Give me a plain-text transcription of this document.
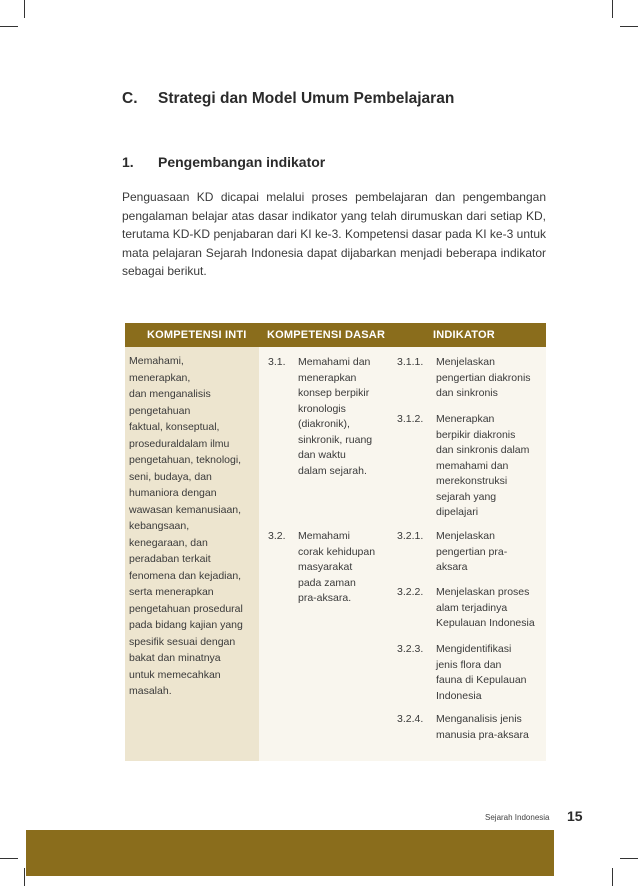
C. Strategi dan Model Umum Pembelajaran
1. Pengembangan indikator
Penguasaan KD dicapai melalui proses pembelajaran dan pengembangan pengalaman belajar atas dasar indikator yang telah dirumuskan dari setiap KD, terutama KD-KD penjabaran dari KI ke-3. Kompetensi dasar pada KI ke-3 untuk mata pelajaran Sejarah Indonesia dapat dijabarkan menjadi beberapa indikator sebagai berikut.
KOMPETENSI INTI KOMPETENSI DASAR	INDIKATOR
Memahami,
menerapkan,
dan menganalisis
pengetahuan
faktual, konseptual,
proseduraldalam ilmu
pengetahuan, teknologi,
seni, budaya, dan
humaniora dengan
wawasan kemanusiaan,
kebangsaan,
kenegaraan, dan
peradaban terkait
fenomena dan kejadian,
serta menerapkan
pengetahuan prosedural
pada bidang kajian yang
spesifik sesuai dengan
bakat dan minatnya
untuk memecahkan
masalah.
3.1. Memahami dan
menerapkan
konsep berpikir
kronologis
(diakronik),
sinkronik, ruang
dan waktu
dalam sejarah.
3.2. Memahami
corak kehidupan
masyarakat
pada zaman
pra-aksara.
3.1.1. Menjelaskan
pengertian diakronis
dan sinkronis
3.1.2. Menerapkan
berpikir diakronis
dan sinkronis dalam
memahami dan
merekonstruksi
sejarah yang
dipelajari
3.2.1. Menjelaskan
pengertian pra-
aksara
3.2.2. Menjelaskan proses
alam terjadinya
Kepulauan Indonesia
3.2.3. Mengidentifikasi
jenis flora dan
fauna di Kepulauan
Indonesia
3.2.4. Menganalisis jenis
manusia pra-aksara
Sejarah Indonesia 15
